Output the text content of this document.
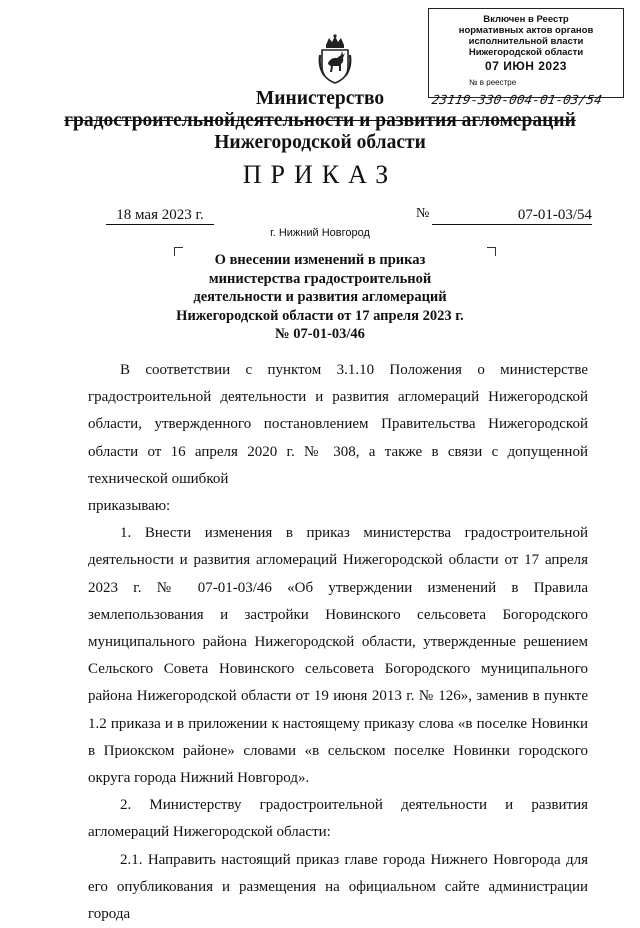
Включен в Реестр
нормативных актов органов
исполнительной власти
Нижегородской области
07 ИЮН 2023
№ в реестре
23119-330-004-01-03/54
Министерство
градостроительнойдеятельности и развития агломераций
Нижегородской области
ПРИКАЗ
18 мая 2023 г.	№	07-01-03/54
г. Нижний Новгород
О внесении изменений в приказ
министерства градостроительной
деятельности и развития агломераций
Нижегородской области от 17 апреля 2023 г.
№ 07-01-03/46

В соответствии с пунктом 3.1.10 Положения о министерстве градостроительной деятельности и развития агломераций Нижегородской области, утвержденного постановлением Правительства Нижегородской области от 16 апреля 2020 г. № 308, а также в связи с допущенной технической ошибкой

приказываю:

1. Внести изменения в приказ министерства градостроительной деятельности и развития агломераций Нижегородской области от 17 апреля 2023 г. № 07-01-03/46 «Об утверждении изменений в Правила землепользования и застройки Новинского сельсовета Богородского муниципального района Нижегородской области, утвержденные решением Сельского Совета Новинского сельсовета Богородского муниципального района Нижегородской области от 19 июня 2013 г. № 126», заменив в пункте 1.2 приказа и в приложении к настоящему приказу слова «в поселке Новинки в Приокском районе» словами «в сельском поселке Новинки городского округа города Нижний Новгород».

2. Министерству градостроительной деятельности и развития агломераций Нижегородской области:

2.1. Направить настоящий приказ главе города Нижнего Новгорода для его опубликования и размещения на официальном сайте администрации города
